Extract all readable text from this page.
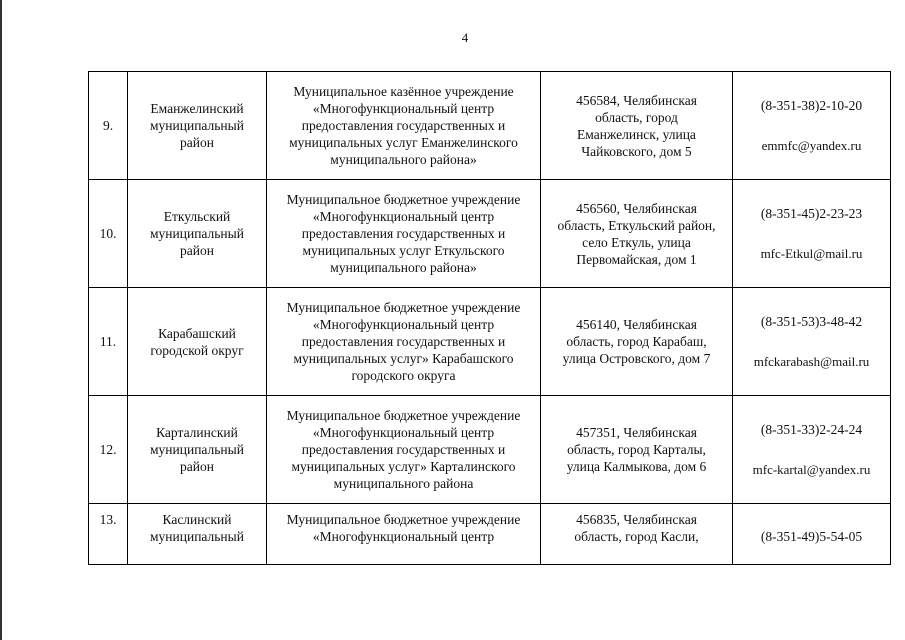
4
9.	Еманжелинский
муниципальный
район	Муниципальное казённое учреждение
«Многофункциональный центр
предоставления государственных и
муниципальных услуг Еманжелинского
муниципального района»	456584, Челябинская
область, город
Еманжелинск, улица
Чайковского, дом 5	(8-351-38)2-10-20

emmfc@yandex.ru

10.	Еткульский
муниципальный
район	Муниципальное бюджетное учреждение
«Многофункциональный центр
предоставления государственных и
муниципальных услуг Еткульского
муниципального района»	456560, Челябинская
область, Еткульский район,
село Еткуль, улица
Первомайская, дом 1	(8-351-45)2-23-23

mfc-Etkul@mail.ru

11.	Карабашский
городской округ	Муниципальное бюджетное учреждение
«Многофункциональный центр
предоставления государственных и
муниципальных услуг» Карабашского
городского округа	456140, Челябинская
область, город Карабаш,
улица Островского, дом 7	(8-351-53)3-48-42

mfckarabash@mail.ru

12.	Карталинский
муниципальный
район	Муниципальное бюджетное учреждение
«Многофункциональный центр
предоставления государственных и
муниципальных услуг» Карталинского
муниципального района	457351, Челябинская
область, город Карталы,
улица Калмыкова, дом 6	(8-351-33)2-24-24

mfc-kartal@yandex.ru

13.	Каслинский
муниципальный	Муниципальное бюджетное учреждение
«Многофункциональный центр	456835, Челябинская
область, город Касли,	(8-351-49)5-54-05
